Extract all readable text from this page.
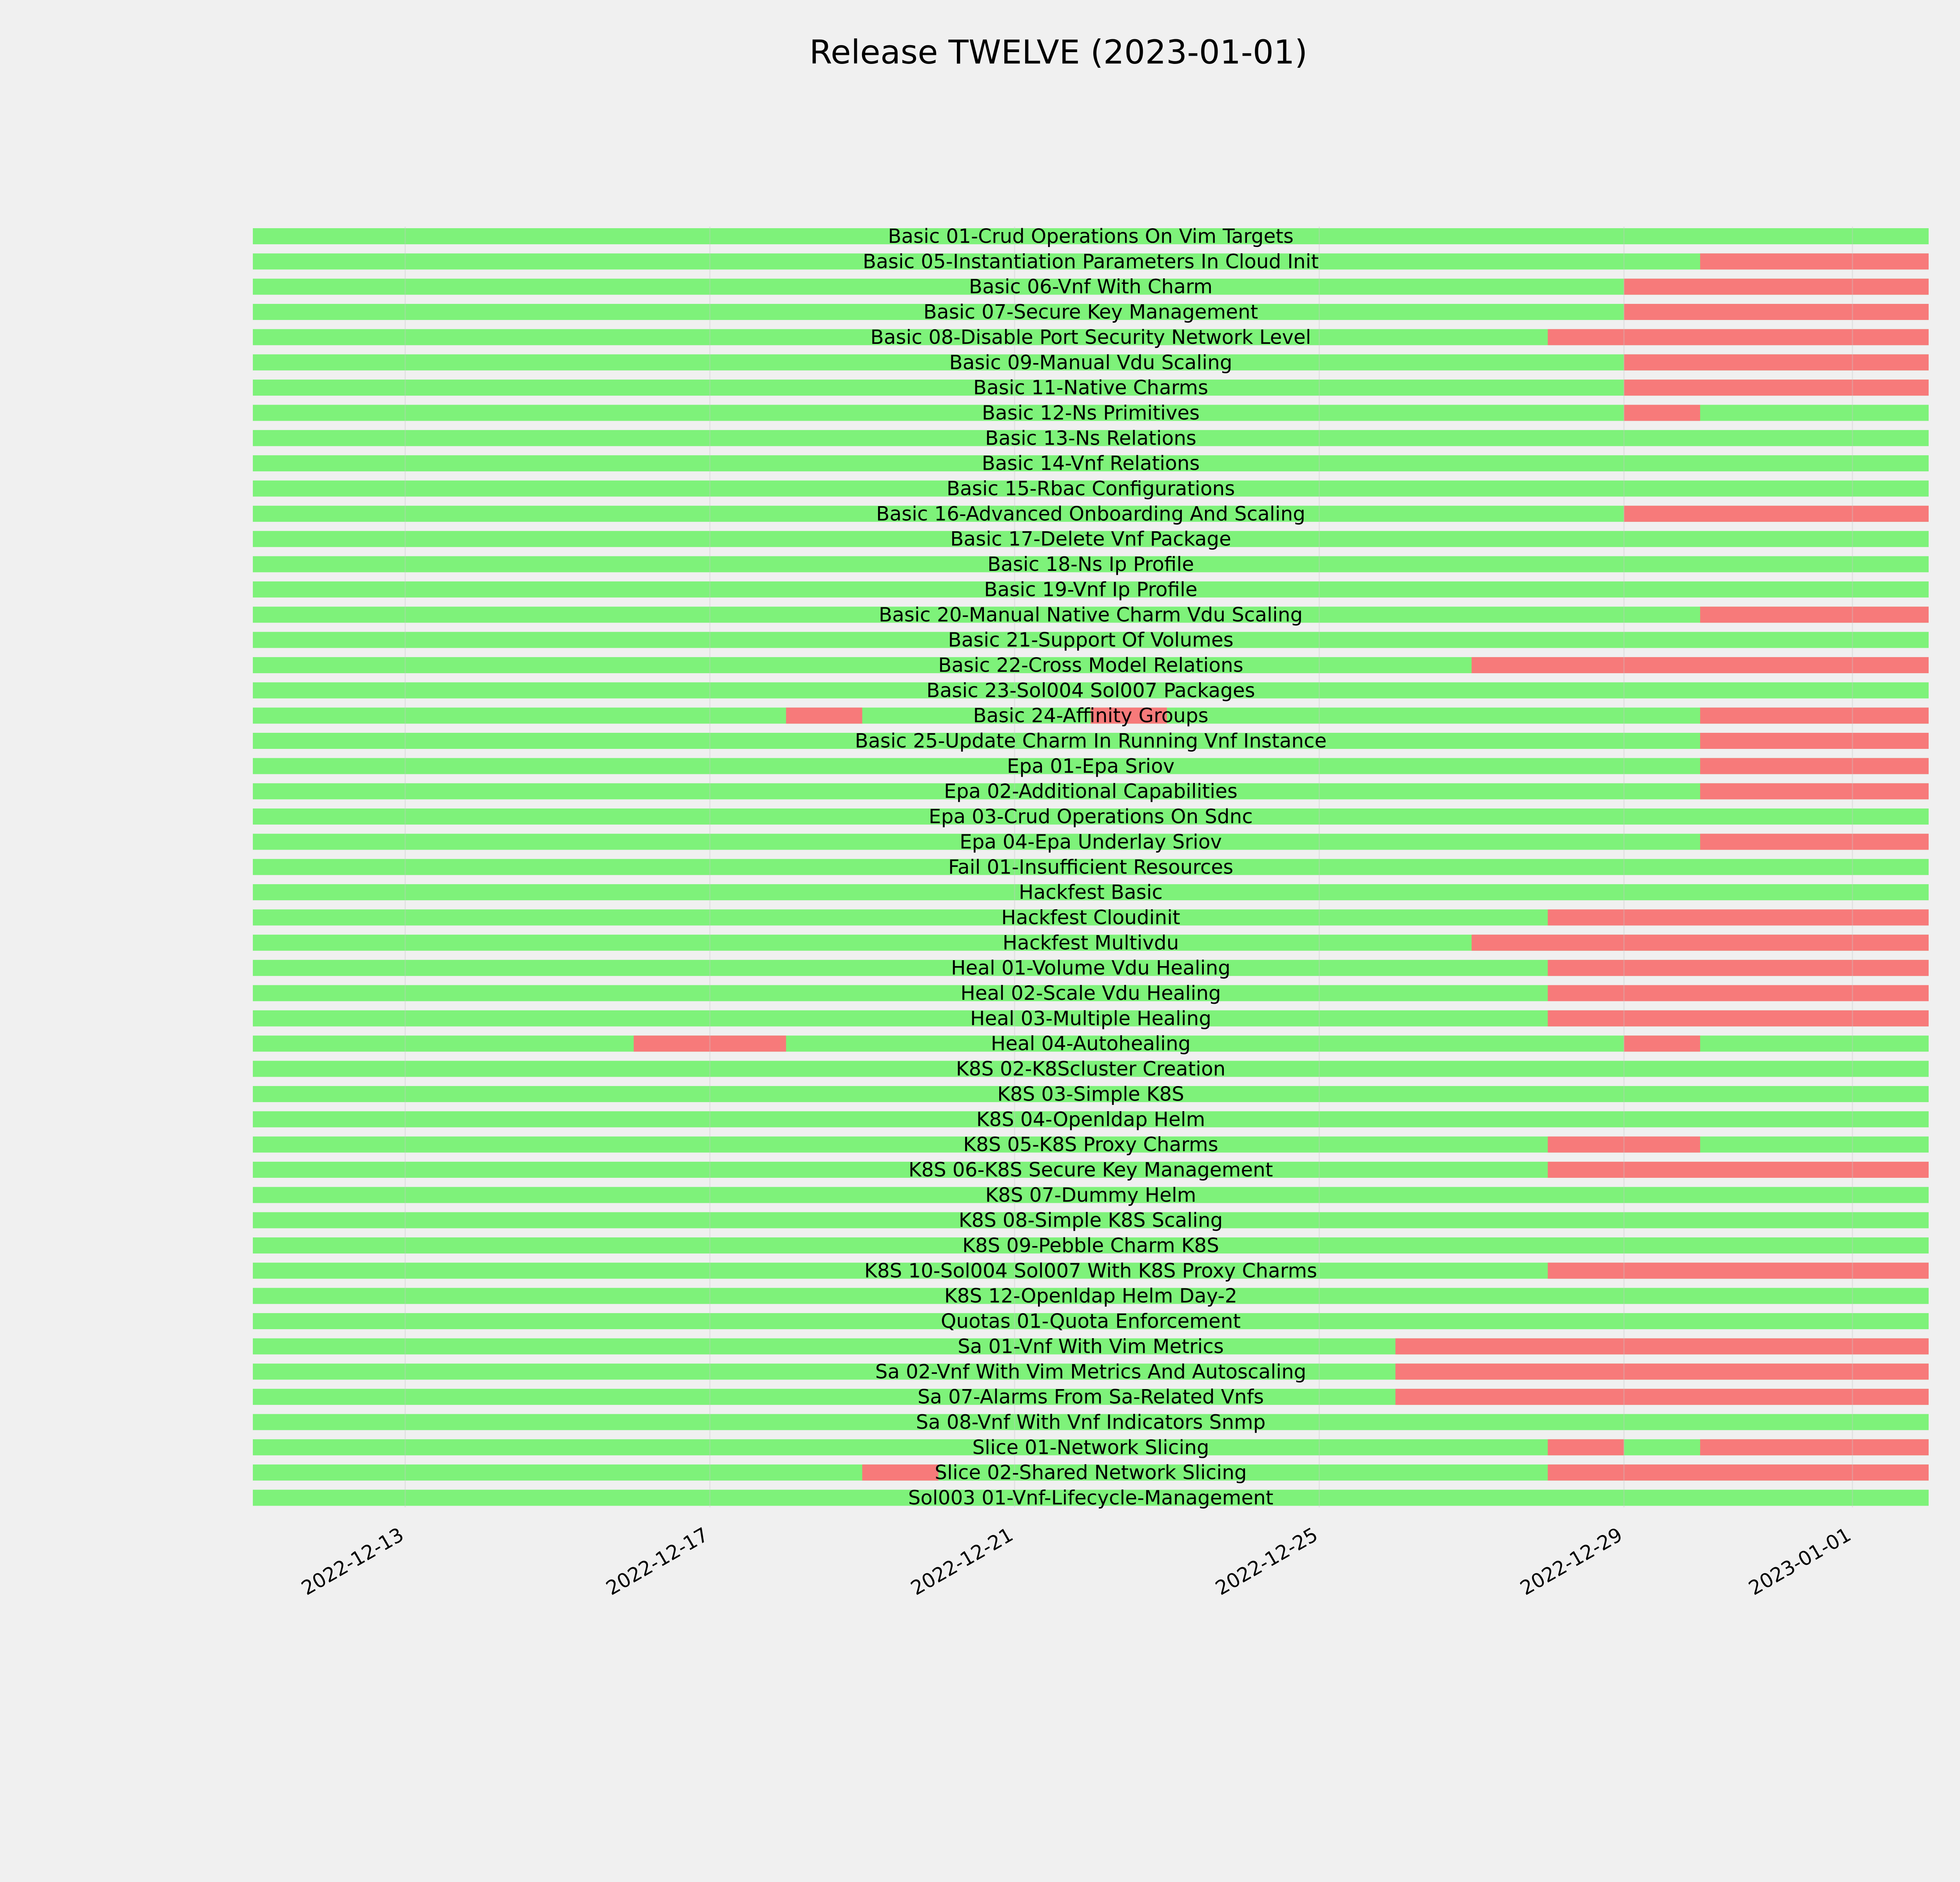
Release TWELVE (2023-01-01)
Basic 01-Crud Operations On Vim Targets
Basic 05-Instantiation Parameters In Cloud Init
Basic 06-Vnf With Charm
Basic 07-Secure Key Management
Basic 08-Disable Port Security Network Level
Basic 09-Manual Vdu Scaling
Basic 11-Native Charms
Basic 12-Ns Primitives
Basic 13-Ns Relations
Basic 14-Vnf Relations
Basic 15-Rbac Configurations
Basic 16-Advanced Onboarding And Scaling
Basic 17-Delete Vnf Package
Basic 18-Ns Ip Profile
Basic 19-Vnf Ip Profile
Basic 20-Manual Native Charm Vdu Scaling
Basic 21-Support Of Volumes
Basic 22-Cross Model Relations
Basic 23-Sol004 Sol007 Packages
Basic 24-Affinity Groups
Basic 25-Update Charm In Running Vnf Instance
Epa 01-Epa Sriov
Epa 02-Additional Capabilities
Epa 03-Crud Operations On Sdnc
Epa 04-Epa Underlay Sriov
Fail 01-Insufficient Resources
Hackfest Basic
Hackfest Cloudinit
Hackfest Multivdu
Heal 01-Volume Vdu Healing
Heal 02-Scale Vdu Healing
Heal 03-Multiple Healing
Heal 04-Autohealing
K8S 02-K8Scluster Creation
K8S 03-Simple K8S
K8S 04-Openldap Helm
K8S 05-K8S Proxy Charms
K8S 06-K8S Secure Key Management
K8S 07-Dummy Helm
K8S 08-Simple K8S Scaling
K8S 09-Pebble Charm K8S
K8S 10-Sol004 Sol007 With K8S Proxy Charms
K8S 12-Openldap Helm Day-2
Quotas 01-Quota Enforcement
Sa 01-Vnf With Vim Metrics
Sa 02-Vnf With Vim Metrics And Autoscaling
Sa 07-Alarms From Sa-Related Vnfs
Sa 08-Vnf With Vnf Indicators Snmp
Slice 01-Network Slicing
Slice 02-Shared Network Slicing
Sol003 01-Vnf-Lifecycle-Management
2022-12-13	2022-12-17	2022-12-21	2022-12-25	2022-12-29	2023-01-01
